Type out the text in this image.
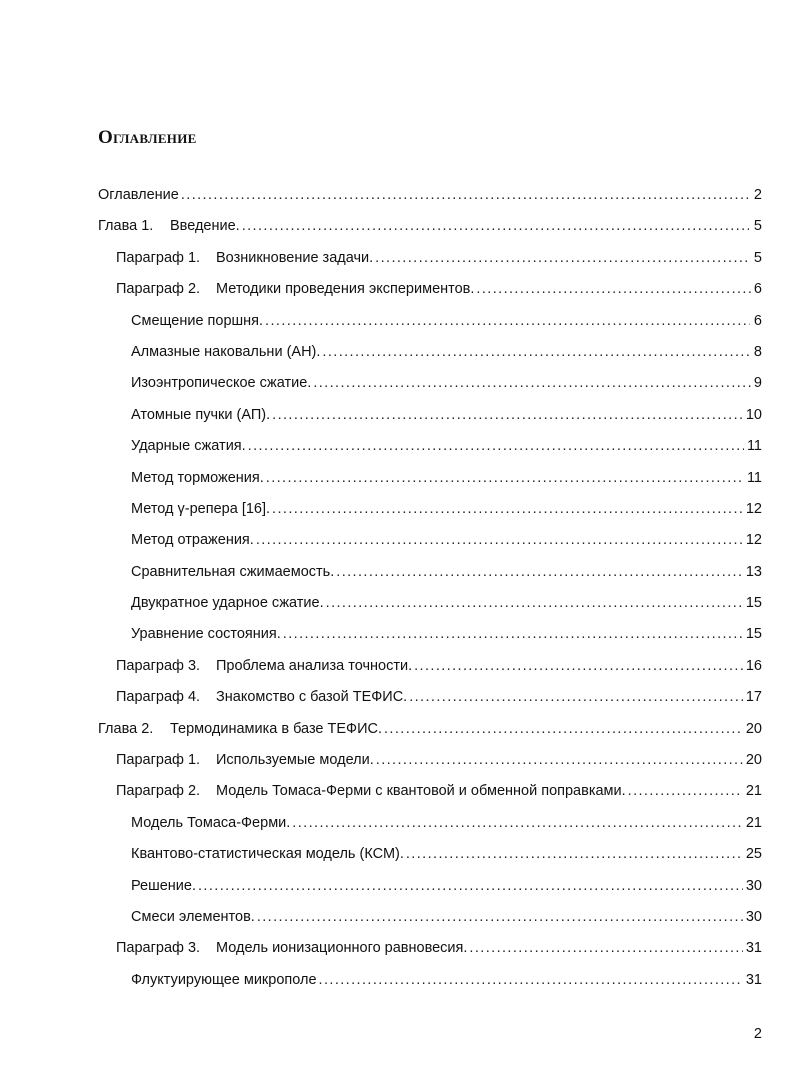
Оглавление
Оглавление .....	2
Глава 1. Введение. .....	5
Параграф 1. Возникновение задачи. .....	5
Параграф 2. Методики проведения экспериментов. .....	6
Смещение поршня. .....	6
Алмазные наковальни (АН). .....	8
Изоэнтропическое сжатие. .....	9
Атомные пучки (АП). .....	10
Ударные сжатия. .....	11
Метод торможения. .....	11
Метод γ-репера [16]. .....	12
Метод отражения. .....	12
Сравнительная сжимаемость. .....	13
Двукратное ударное сжатие. .....	15
Уравнение состояния. .....	15
Параграф 3. Проблема анализа точности. .....	16
Параграф 4. Знакомство с базой ТЕФИС. .....	17
Глава 2. Термодинамика в базе ТЕФИС. .....	20
Параграф 1. Используемые модели. .....	20
Параграф 2. Модель Томаса-Ферми с квантовой и обменной поправками. .....	21
Модель Томаса-Ферми. .....	21
Квантово-статистическая модель (КСМ). .....	25
Решение. .....	30
Смеси элементов. .....	30
Параграф 3. Модель ионизационного равновесия. .....	31
Флуктуирующее микрополе .....	31
2
